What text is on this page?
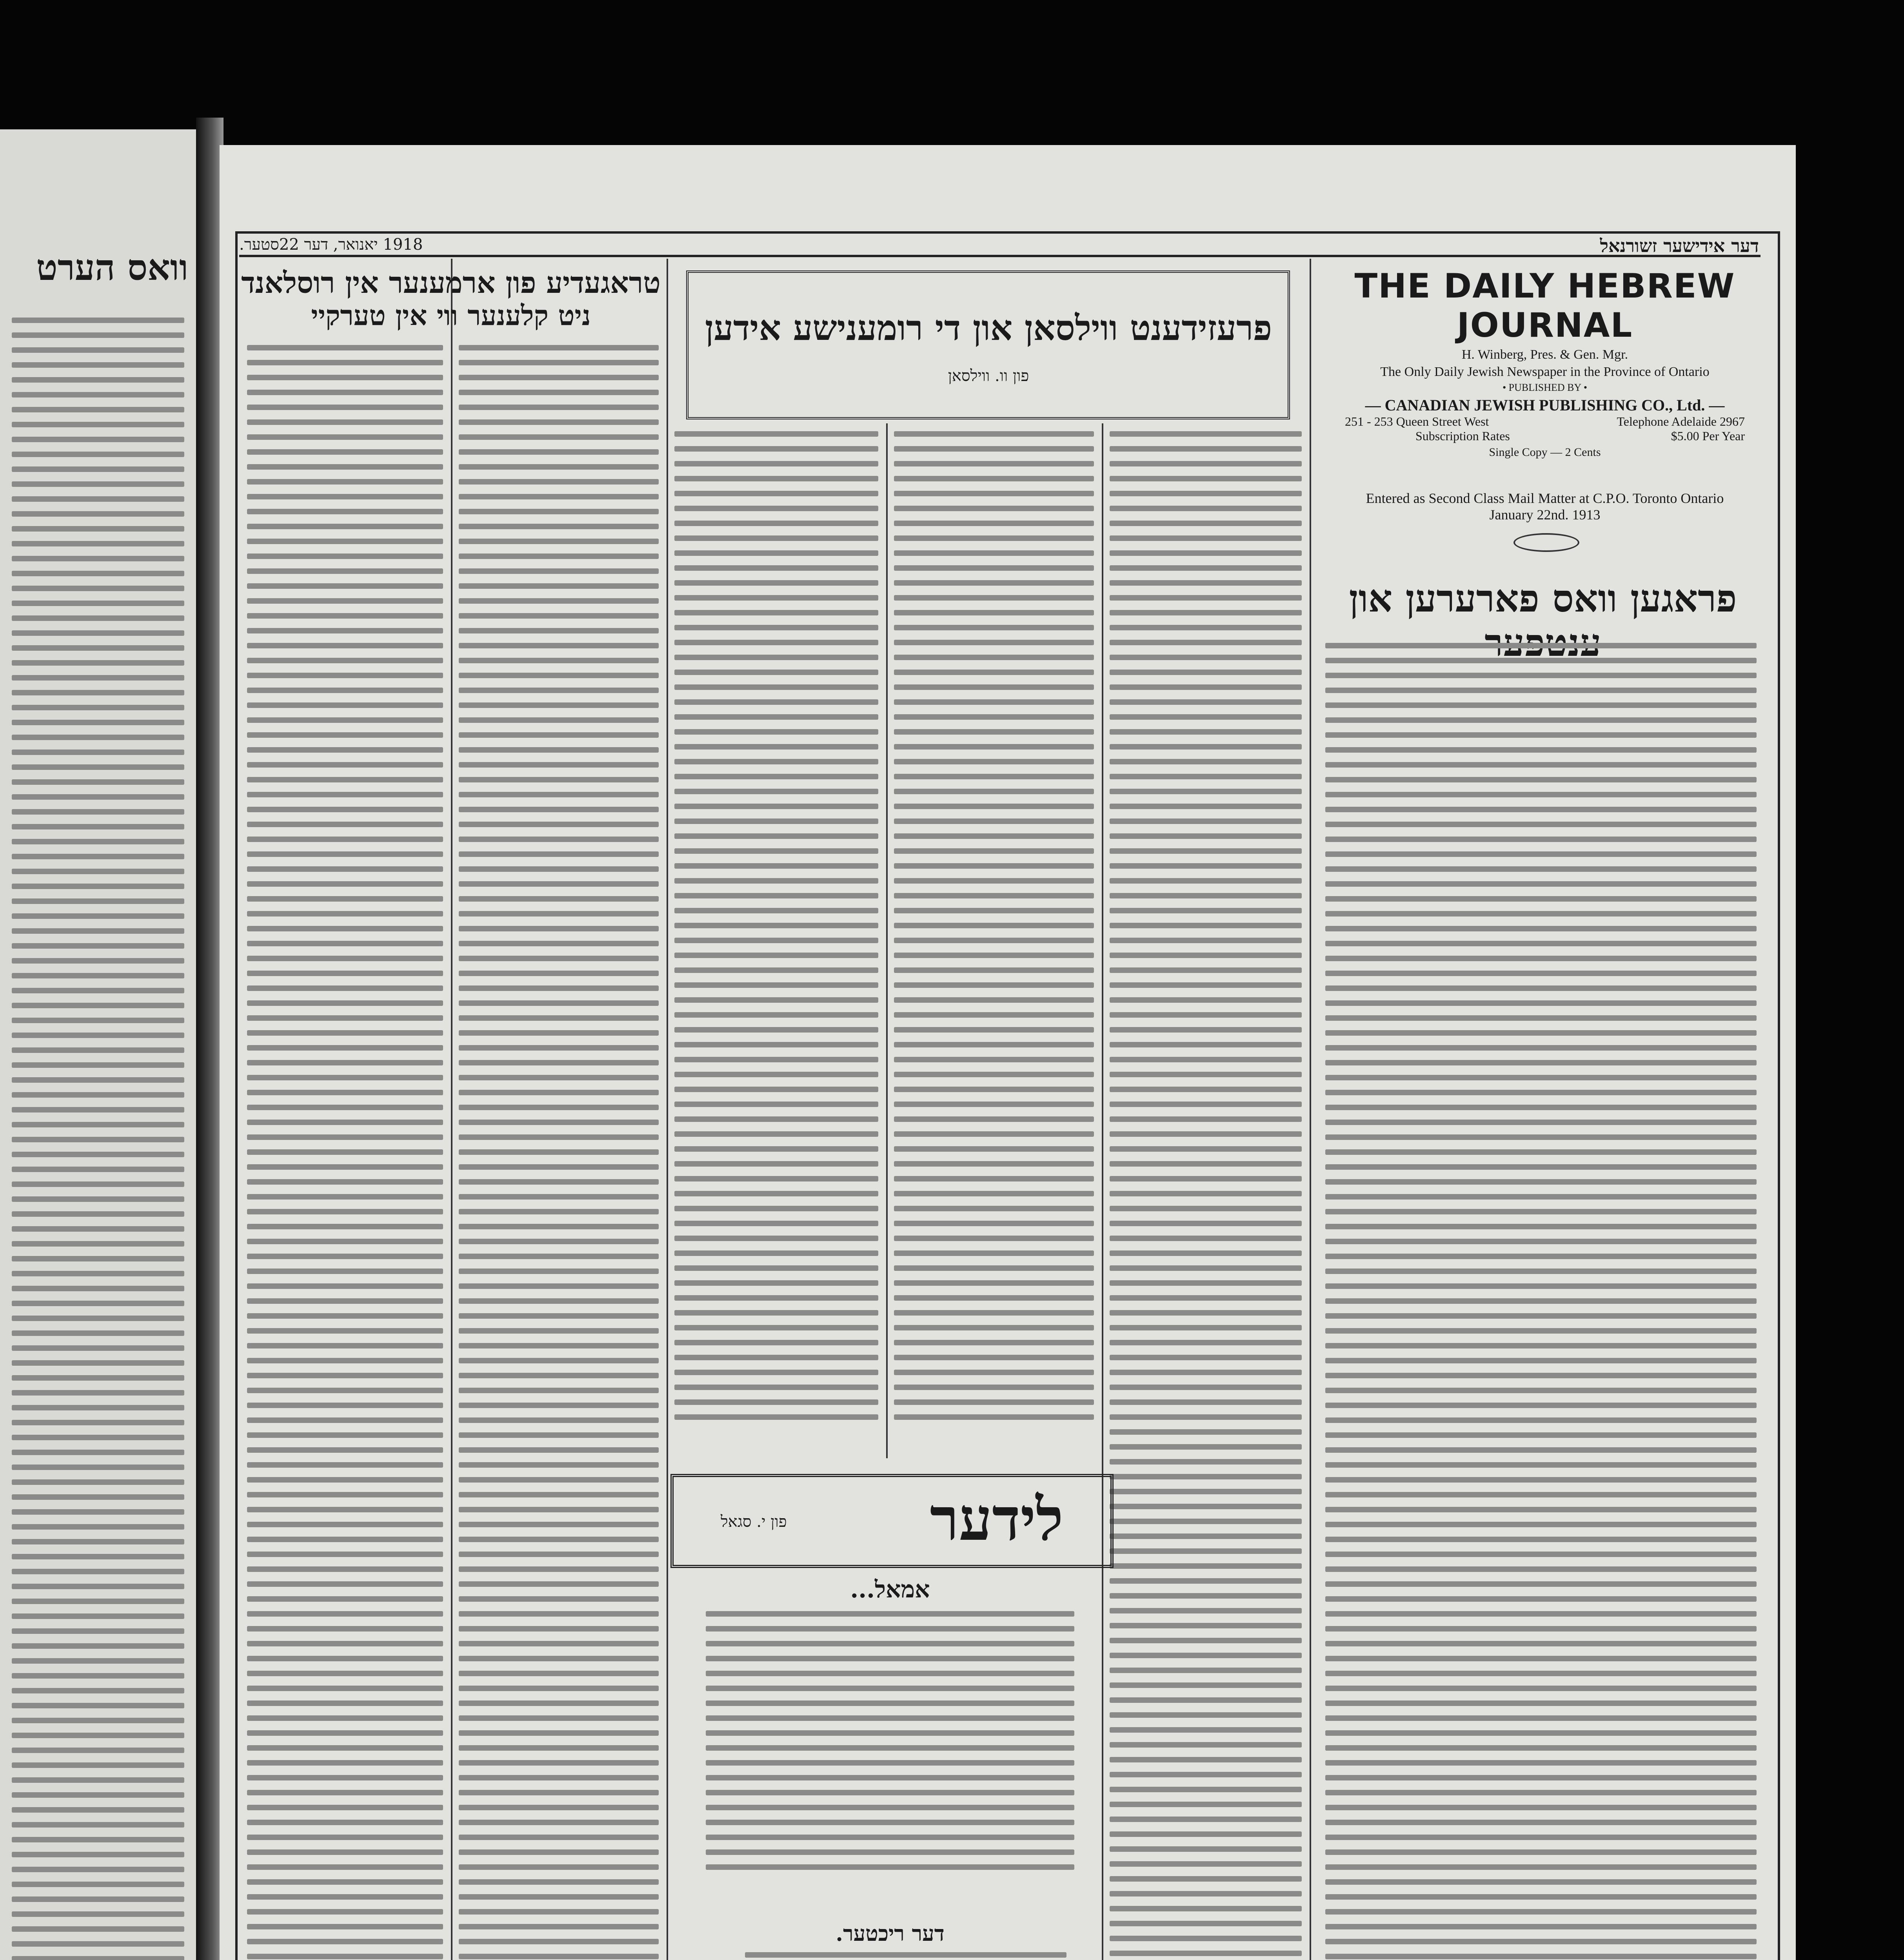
וואס הערט
1918 יאנואר, דער 22סטער.	דער אידישער זשורנאל
טראגעדיע פון ארמענער אין רוסלאנד
ניט קלענער ווי אין טערקיי	פרעזידענט ווילסאן און די רומענישע אידען
פון וו. ווילסאן
THE DAILY HEBREW JOURNAL
H. Winberg, Pres. & Gen. Mgr.
The Only Daily Jewish Newspaper in the Province of Ontario
• PUBLISHED BY •
— CANADIAN JEWISH PUBLISHING CO., Ltd. —
251 - 253 Queen Street West	Telephone Adelaide 2967
Subscription Rates	$5.00 Per Year
Single Copy — 2 Cents
Entered as Second Class Mail Matter at C.P.O. Toronto Ontario
January 22nd. 1913
פראגען וואס פארערען און
לידער
פון י. סגאל
אמאל...
דער ריכטער.
